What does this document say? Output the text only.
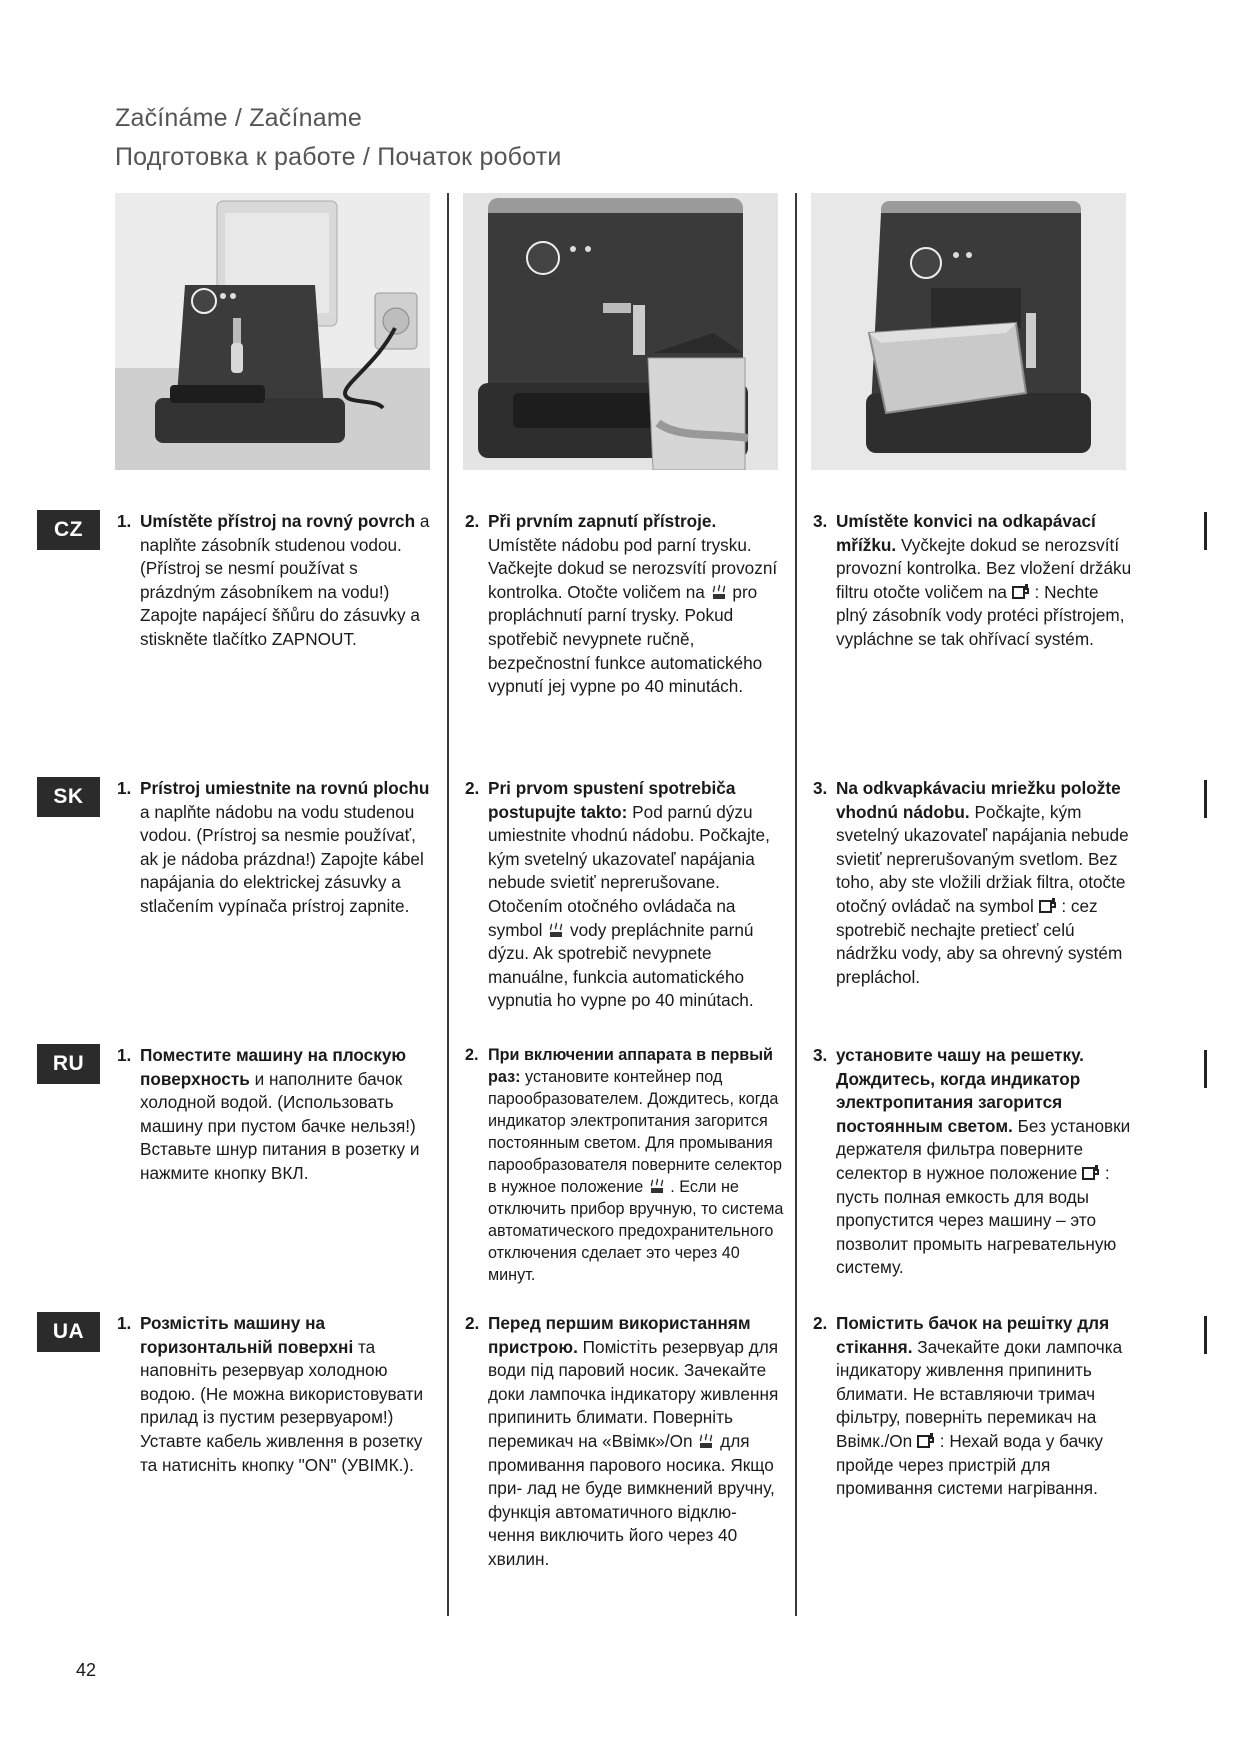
Začínáme / Začíname
Подготовка к работе / Початок роботи
CZ	1. Umístěte přístroj na rovný povrch a naplňte zásobník studenou vodou. (Přístroj se nesmí používat s prázdným zásobníkem na vodu!) Zapojte napájecí šňůru do zásuvky a stiskněte tlačítko ZAPNOUT.
2. Při prvním zapnutí přístroje. Umístěte nádobu pod parní trysku. Vačkejte dokud se nerozsvítí provozní kontrolka. Otočte voličem na  pro propláchnutí parní trysky. Pokud spotřebič nevypnete ručně, bezpečnostní funkce automatického vypnutí jej vypne po 40 minutách.
3. Umístěte konvici na odkapávací mřížku. Vyčkejte dokud se nerozsvítí provozní kontrolka. Bez vložení držáku filtru otočte voličem na  : Nechte plný zásobník vody protéci přístrojem, vypláchne se tak ohřívací systém.
SK	1. Prístroj umiestnite na rovnú plochu a naplňte nádobu na vodu studenou vodou. (Prístroj sa nesmie používať, ak je nádoba prázdna!) Zapojte kábel napájania do elektrickej zásuvky a stlačením vypínača prístroj zapnite.
2. Pri prvom spustení spotrebiča postupujte takto: Pod parnú dýzu umiestnite vhodnú nádobu. Počkajte, kým svetelný ukazovateľ napájania nebude svietiť neprerušovane. Otočením otočného ovládača na symbol  vody prepláchnite parnú dýzu. Ak spotrebič nevypnete manuálne, funkcia automatického vypnutia ho vypne po 40 minútach.
3. Na odkvapkávaciu mriežku položte vhodnú nádobu. Počkajte, kým svetelný ukazovateľ napájania nebude svietiť neprerušovaným svetlom. Bez toho, aby ste vložili držiak filtra, otočte otočný ovládač na symbol  : cez spotrebič nechajte pretiecť celú nádržku vody, aby sa ohrevný systém prepláchol.
RU	1. Поместите машину на плоскую поверхность и наполните бачок холодной водой. (Использовать машину при пустом бачке нельзя!) Вставьте шнур питания в розетку и нажмите кнопку ВКЛ.
2. При включении аппарата в первый раз: установите контейнер под парообразователем. Дождитесь, когда индикатор электропитания загорится постоянным светом. Для промывания парообразователя поверните селектор в нужное положение  . Если не отключить прибор вручную, то система автоматического предохранительного отключения сделает это через 40 минут.
3. установите чашу на решетку. Дождитесь, когда индикатор электропитания загорится постоянным светом. Без установки держателя фильтра поверните селектор в нужное положение  : пусть полная емкость для воды пропустится через машину – это позволит промыть нагревательную систему.
UA	1. Розмістіть машину на горизонтальній поверхні та наповніть резервуар холодною водою. (Не можна використовувати прилад із пустим резервуаром!) Уставте кабель живлення в розетку та натисніть кнопку "ON" (УВІМК.).
2. Перед першим використанням пристрою. Помістіть резервуар для води під паровий носик. Зачекайте доки лампочка індикатору живлення припинить блимати. Поверніть перемикач на «Ввімк»/On  для промивання парового носика. Якщо при- лад не буде вимкнений вручну, функція автоматичного відклю- чення виключить його через 40 хвилин.
2. Помістить бачок на решітку для стікання. Зачекайте доки лампочка індикатору живлення припинить блимати. Не вставляючи тримач фільтру, поверніть перемикач на Ввімк./On  : Нехай вода у бачку пройде через пристрій для промивання системи нагрівання.
42
